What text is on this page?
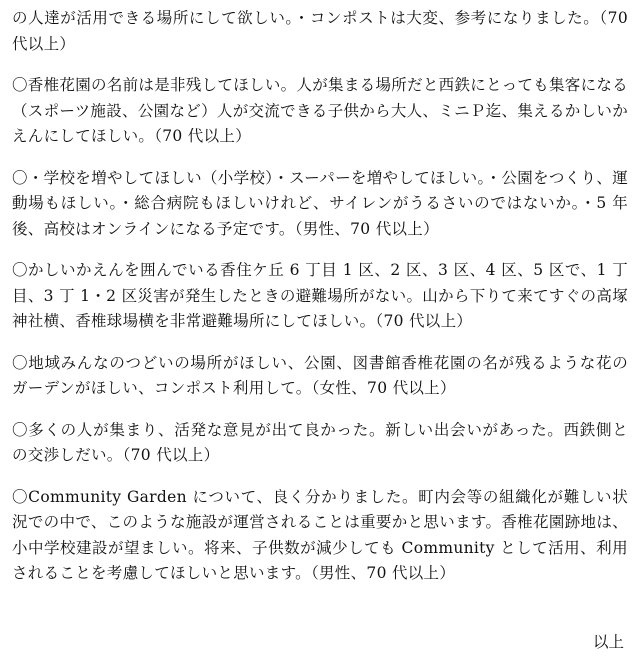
の人達が活用できる場所にして欲しい。・コンポストは大変、参考になりました。（70 代以上）

〇香椎花園の名前は是非残してほしい。人が集まる場所だと西鉄にとっても集客になる（スポーツ施設、公園など）人が交流できる子供から大人、ミニＰ迄、集えるかしいかえんにしてほしい。（70 代以上）

〇・学校を増やしてほしい（小学校）・スーパーを増やしてほしい。・公園をつくり、運動場もほしい。・総合病院もほしいけれど、サイレンがうるさいのではないか。・5 年後、高校はオンラインになる予定です。（男性、70 代以上）

〇かしいかえんを囲んでいる香住ケ丘 6 丁目 1 区、2 区、3 区、4 区、5 区で、1 丁目、3 丁 1・2 区災害が発生したときの避難場所がない。山から下りて来てすぐの高塚神社横、香椎球場横を非常避難場所にしてほしい。（70 代以上）

〇地域みんなのつどいの場所がほしい、公園、図書館香椎花園の名が残るような花のガーデンがほしい、コンポスト利用して。（女性、70 代以上）

〇多くの人が集まり、活発な意見が出て良かった。新しい出会いがあった。西鉄側との交渉しだい。（70 代以上）

〇Community Garden について、良く分かりました。町内会等の組織化が難しい状況での中で、このような施設が運営されることは重要かと思います。香椎花園跡地は、小中学校建設が望ましい。将来、子供数が減少しても Community として活用、利用されることを考慮してほしいと思います。（男性、70 代以上）

以上
